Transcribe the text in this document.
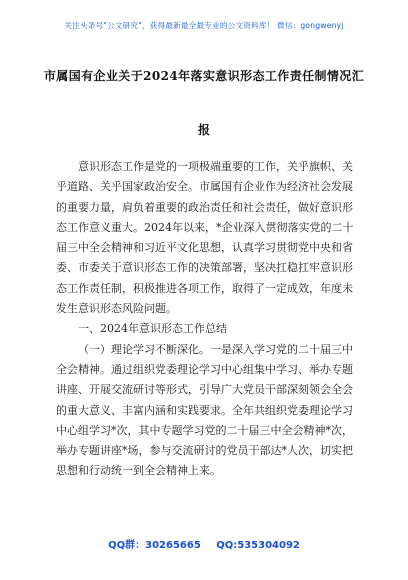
关注头条号"公文研究"，获得最新最全最专业的公文资料库！ 微信：gongwenyj
市属国有企业关于2024年落实意识形态工作责任制情况汇
报

意识形态工作是党的一项极端重要的工作，关乎旗帜、关乎道路、关乎国家政治安全。市属国有企业作为经济社会发展的重要力量，肩负着重要的政治责任和社会责任，做好意识形态工作意义重大。2024年以来，*企业深入贯彻落实党的二十届三中全会精神和习近平文化思想，认真学习贯彻党中央和省委、市委关于意识形态工作的决策部署，坚决扛稳扛牢意识形态工作责任制，积极推进各项工作，取得了一定成效，年度未发生意识形态风险问题。

一、2024年意识形态工作总结

（一）理论学习不断深化。一是深入学习党的二十届三中全会精神。通过组织党委理论学习中心组集中学习、举办专题讲座、开展交流研讨等形式，引导广大党员干部深刻领会全会的重大意义、丰富内涵和实践要求。全年共组织党委理论学习中心组学习*次，其中专题学习党的二十届三中全会精神*次，举办专题讲座*场，参与交流研讨的党员干部达*人次，切实把思想和行动统一到全会精神上来。

QQ群：30265665 QQ:535304092
